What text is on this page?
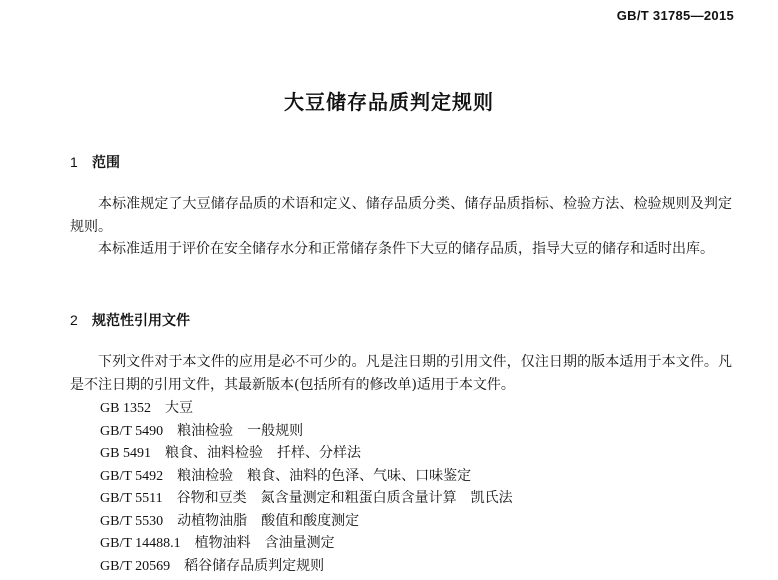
GB/T 31785—2015
大豆储存品质判定规则
1 范围

本标准规定了大豆储存品质的术语和定义、储存品质分类、储存品质指标、检验方法、检验规则及判定规则。

本标准适用于评价在安全储存水分和正常储存条件下大豆的储存品质，指导大豆的储存和适时出库。

2 规范性引用文件

下列文件对于本文件的应用是必不可少的。凡是注日期的引用文件，仅注日期的版本适用于本文件。凡是不注日期的引用文件，其最新版本(包括所有的修改单)适用于本文件。

GB 1352 大豆
GB/T 5490 粮油检验 一般规则
GB 5491 粮食、油料检验 扦样、分样法
GB/T 5492 粮油检验 粮食、油料的色泽、气味、口味鉴定
GB/T 5511 谷物和豆类 氮含量测定和粗蛋白质含量计算 凯氏法
GB/T 5530 动植物油脂 酸值和酸度测定
GB/T 14488.1 植物油料 含油量测定
GB/T 20569 稻谷储存品质判定规则
